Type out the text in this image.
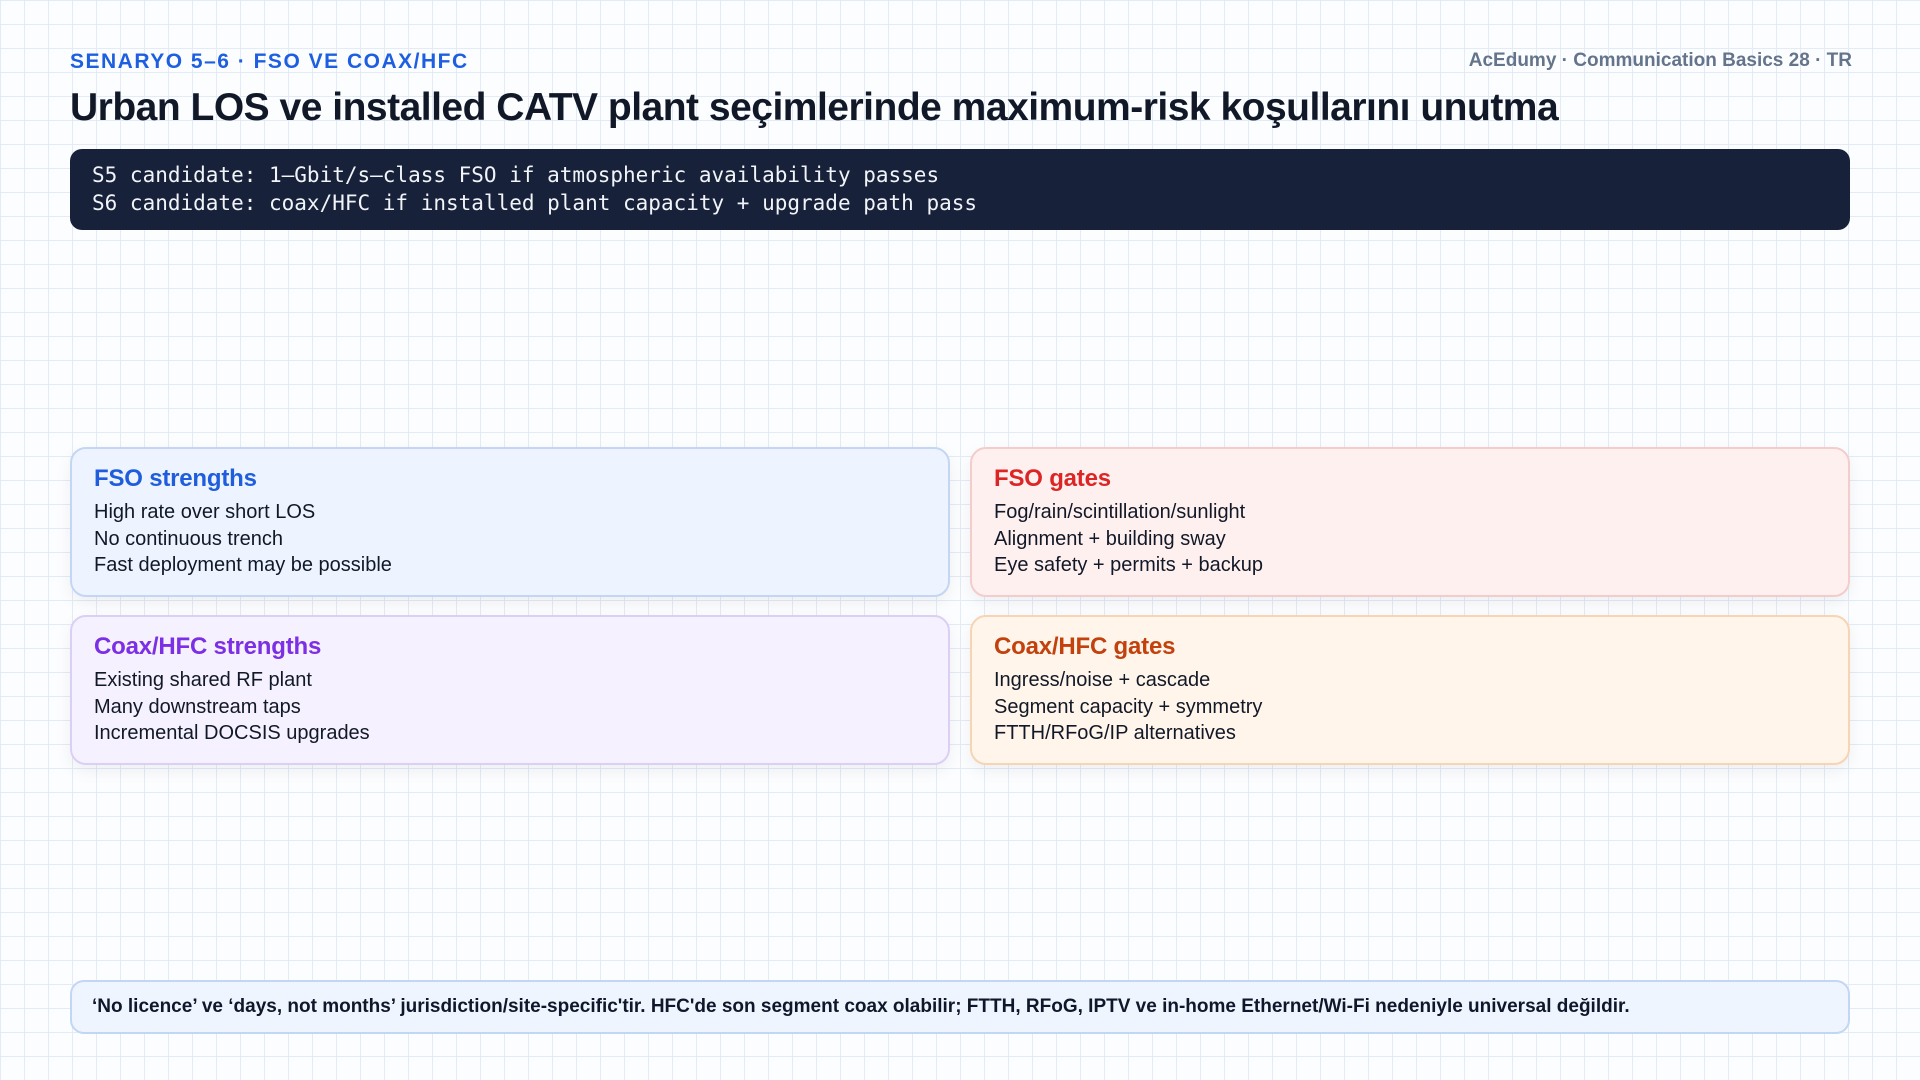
SENARYO 5–6 · FSO VE COAX/HFC	AcEdumy · Communication Basics 28 · TR
Urban LOS ve installed CATV plant seçimlerinde maximum-risk koşullarını unutma
S5 candidate: 1–Gbit/s–class FSO if atmospheric availability passes
S6 candidate: coax/HFC if installed plant capacity + upgrade path pass
FSO strengths
High rate over short LOS
No continuous trench
Fast deployment may be possible
FSO gates
Fog/rain/scintillation/sunlight
Alignment + building sway
Eye safety + permits + backup
Coax/HFC strengths
Existing shared RF plant
Many downstream taps
Incremental DOCSIS upgrades
Coax/HFC gates
Ingress/noise + cascade
Segment capacity + symmetry
FTTH/RFoG/IP alternatives
‘No licence’ ve ‘days, not months’ jurisdiction/site-specific'tir. HFC'de son segment coax olabilir; FTTH, RFoG, IPTV ve in-home Ethernet/Wi-Fi nedeniyle universal değildir.
